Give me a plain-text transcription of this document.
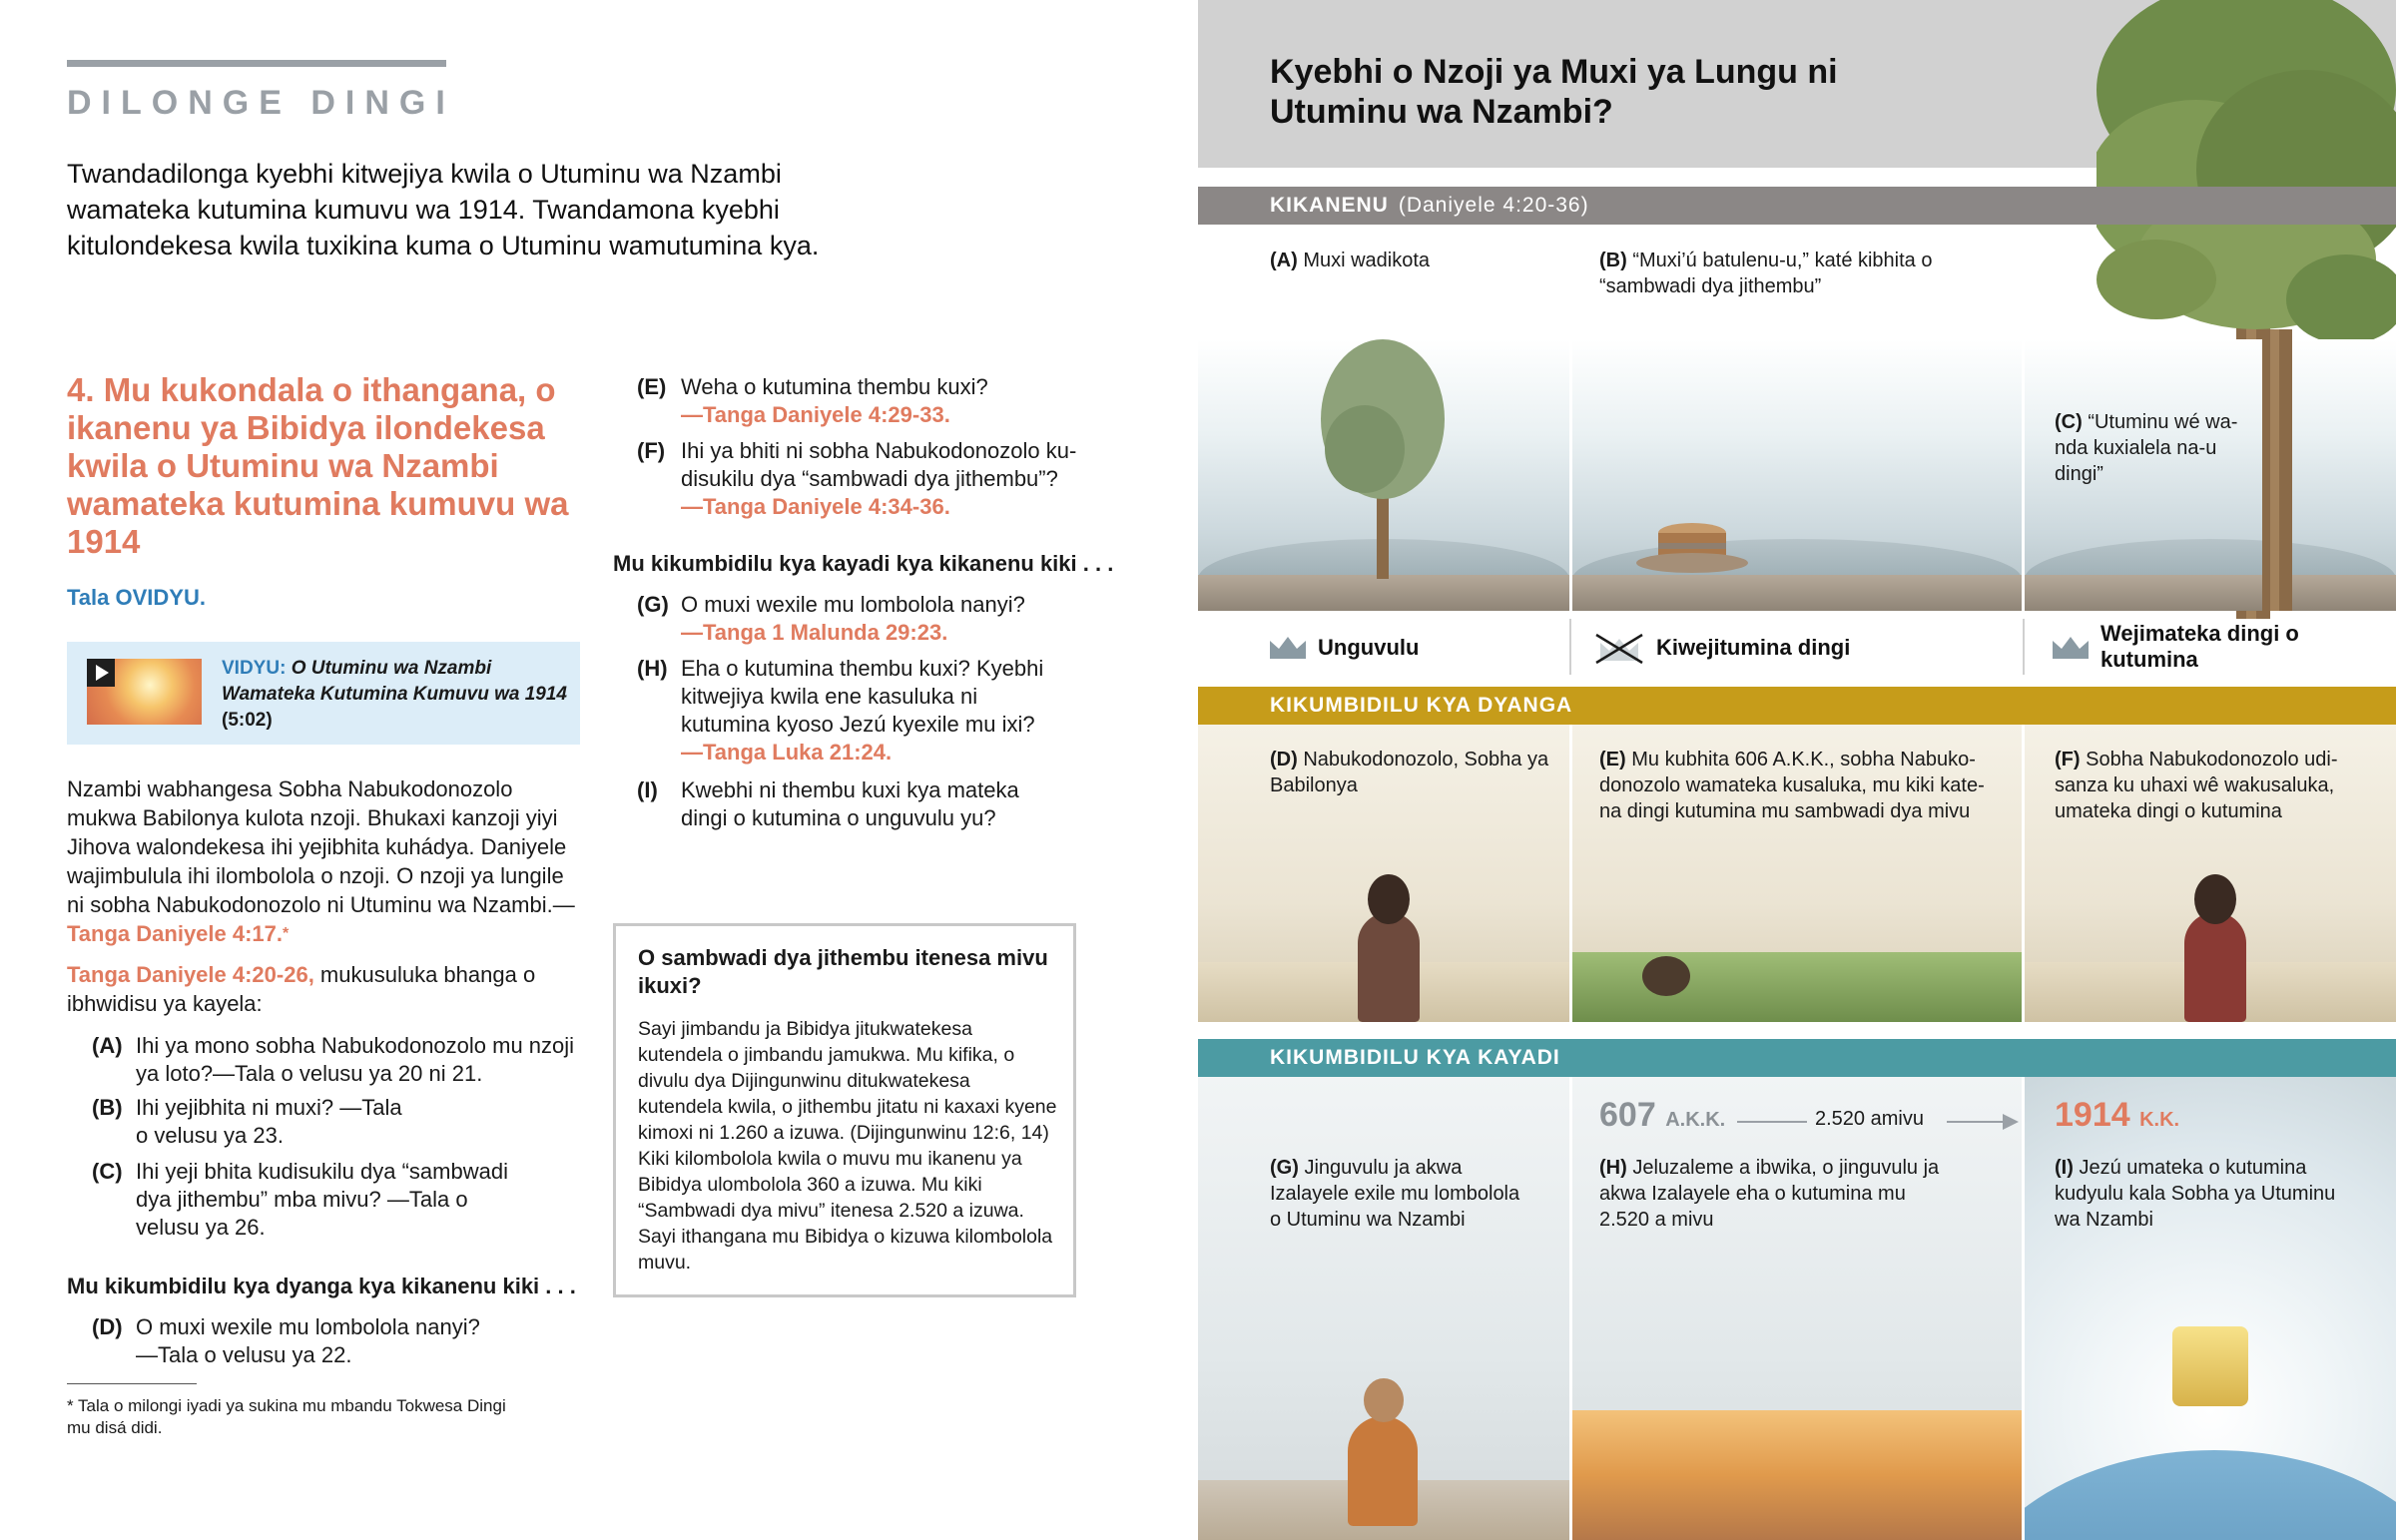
DILONGE DINGI
Twandadilonga kyebhi kitwejiya kwila o Utuminu wa Nzambi wamateka kutumina kumuvu wa 1914. Twandamona kyebhi kitulondekesa kwila tuxikina kuma o Utuminu wamutumina kya.
4. Mu kukondala o ithangana, o ikanenu ya Bibidya ilondekesa kwila o Utuminu wa Nzambi wamateka kutumina kumuvu wa 1914
Tala OVIDYU.
VIDYU: O Utuminu wa Nzambi Wamateka Kutumina Kumuvu wa 1914 (5:02)
Nzambi wabhangesa Sobha Nabukodonozolo mukwa Babilonya kulota nzoji. Bhukaxi kanzoji yiyi Jihova walondekesa ihi yejibhita kuhádya. Daniyele wajimbulula ihi ilombolola o nzoji. O nzoji ya lungile ni sobha Nabukodonozolo ni Utuminu wa Nzambi.—Tanga Daniyele 4:17.*
Tanga Daniyele 4:20-26, mukusuluka bhanga o ibhwidisu ya kayela:
(A) Ihi ya mono sobha Nabukodonozolo mu nzoji ya loto?—Tala o velusu ya 20 ni 21.
(B) Ihi yejibhita ni muxi? —Tala o velusu ya 23.
(C) Ihi yeji bhita kudisukilu dya “sambwadi dya jithembu” mba mivu? —Tala o velusu ya 26.
Mu kikumbidilu kya dyanga kya kikanenu kiki . . .
(D) O muxi wexile mu lombolola nanyi? —Tala o velusu ya 22.
* Tala o milongi iyadi ya sukina mu mbandu Tokwesa Dingi mu disá didi.
(E) Weha o kutumina thembu kuxi?
—Tanga Daniyele 4:29-33.
(F) Ihi ya bhiti ni sobha Nabukodonozolo kudisukilu dya “sambwadi dya jithembu”?
—Tanga Daniyele 4:34-36.
Mu kikumbidilu kya kayadi kya kikanenu kiki . . .
(G) O muxi wexile mu lombolola nanyi?
—Tanga 1 Malunda 29:23.
(H) Eha o kutumina thembu kuxi? Kyebhi kitwejiya kwila ene kasuluka ni kutumina kyoso Jezú kyexile mu ixi?
—Tanga Luka 21:24.
(I)	Kwebhi ni thembu kuxi kya mateka dingi o kutumina o unguvulu yu?
O sambwadi dya jithembu itenesa mivu ikuxi?
Sayi jimbandu ja Bibidya jitukwatekesa kutendela o jimbandu jamukwa. Mu kifika, o divulu dya Dijingunwinu ditukwatekesa kutendela kwila, o jithembu jitatu ni kaxaxi kyene kimoxi ni 1.260 a izuwa. (Dijingunwinu 12:6, 14) Kiki kilombolola kwila o muvu mu ikanenu ya Bibidya ulombolola 360 a izuwa. Mu kiki “Sambwadi dya mivu” itenesa 2.520 a izuwa. Sayi ithangana mu Bibidya o kizuwa kilombolola muvu.
Kyebhi o Nzoji ya Muxi ya Lungu ni Utuminu wa Nzambi?
KIKANENU (Daniyele 4:20-36)
(A) Muxi wadikota	(B) “Muxi’ú batulenu-u,” katé kibhita o “sambwadi dya jithembu”
(C) “Utuminu wé wa-nda kuxialela na-u dingi”
Unguvulu	Kiwejitumina dingi
Wejimateka dingi o kutumina
KIKUMBIDILU KYA DYANGA
(D) Nabukodonozolo, Sobha ya Babilonya
(E) Mu kubhita 606 A.K.K., sobha Nabukodonozolo wamateka kusaluka, mu kiki katena dingi kutumina mu sambwadi dya mivu
(F) Sobha Nabukodonozolo udisanza ku uhaxi wê wakusaluka, umateka dingi o kutumina
KIKUMBIDILU KYA KAYADI
607 A.K.K.	2.520 amivu	1914 K.K.
(G) Jinguvulu ja akwa Izalayele exile mu lombolola o Utuminu wa Nzambi
(H) Jeluzaleme a ibwika, o jinguvulu ja akwa Izalayele eha o kutumina mu 2.520 a mivu
(I) Jezú umateka o kutumina kudyulu kala Sobha ya Utuminu wa Nzambi
